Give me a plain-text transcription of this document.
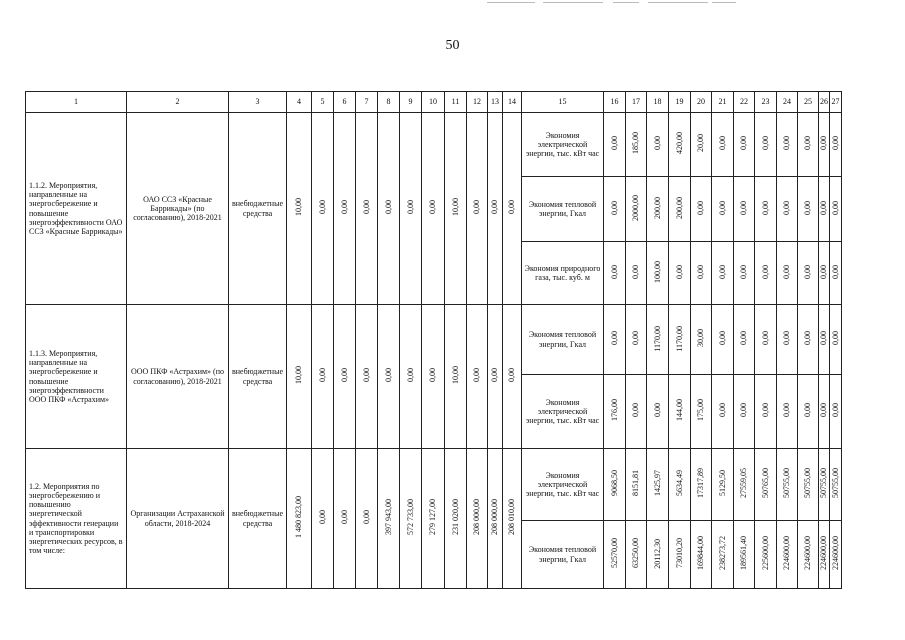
50
1	2	3	4	5	6	7	8	9	10	11	12	13	14	15	16	17	18	19	20	21	22	23	24	25	26	27
1.1.2. Мероприятия, направленные на энергосбережение и повышение энергоэффективности ОАО ССЗ «Красные Баррикады»	ОАО ССЗ «Красные Баррикады» (по согласованию), 2018-2021	внебюджетные средства	10,00	0,00	0,00	0,00	0,00	0,00	0,00	10,00	0,00	0,00	0,00	Экономия электрической энергии, тыс. кВт час	0,00	185,00	0,00	420,00	20,00	0,00	0,00	0,00	0,00	0,00	0,00	0,00
														Экономия тепловой энергии, Гкал	0,00	2000,00	200,00	200,00	0,00	0,00	0,00	0,00	0,00	0,00	0,00	0,00
														Экономия природного газа, тыс. куб. м	0,00	0,00	100,00	0,00	0,00	0,00	0,00	0,00	0,00	0,00	0,00	0,00
1.1.3. Мероприятия, направленные на энергосбережение и повышение энергоэффективности ООО ПКФ «Астрахим»	ООО ПКФ «Астрахим» (по согласованию), 2018-2021	внебюджетные средства	10,00	0,00	0,00	0,00	0,00	0,00	0,00	10,00	0,00	0,00	0,00	Экономия тепловой энергии, Гкал	0,00	0,00	1170,00	1170,00	30,00	0,00	0,00	0,00	0,00	0,00	0,00	0,00
														Экономия электрической энергии, тыс. кВт час	176,00	0,00	0,00	144,00	175,00	0,00	0,00	0,00	0,00	0,00	0,00	0,00
1.2. Мероприятия по энергосбережению и повышению энергетической эффективности генерации и транспортировки энергетических ресурсов, в том числе:	Организации Астраханской области, 2018-2024	внебюджетные средства	1 480 823,00	0,00	0,00	0,00	397 943,00	572 733,00	279 127,00	231 020,00	208 000,00	208 000,00	208 010,00	Экономия электрической энергии, тыс. кВт час	9068,50	8151,81	1425,97	5634,49	17317,89	5129,50	27559,05	50765,00	50755,00	50755,00	50755,00	50755,00
														Экономия тепловой энергии, Гкал	52570,00	63250,00	20112,30	73010,20	169844,00	238273,72	189561,40	225600,00	224600,00	224600,00	224600,00	224600,00
